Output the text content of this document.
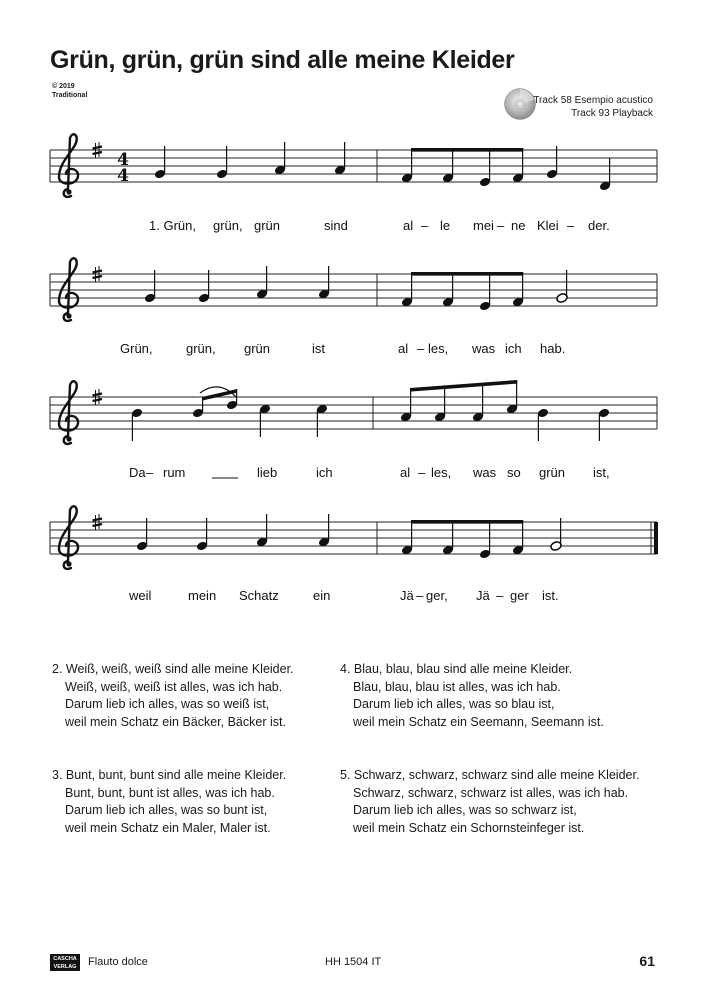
Grün, grün, grün sind alle meine Kleider
© 2019
Traditional	Track 58 Esempio acustico
Track 93 Playback
4
4
1. Grün, grün, grün	sind	al – le mei – ne Klei – der.
Grün,	grün, grün	ist	al – les, was ich hab.
Da – rum	lieb	ich	al – les, was so grün ist,
weil	mein Schatz	ein	Jä – ger, Jä – ger ist.
2. Weiß, weiß, weiß sind alle meine Kleider.
Weiß, weiß, weiß ist alles, was ich hab.
Darum lieb ich alles, was so weiß ist,
weil mein Schatz ein Bäcker, Bäcker ist.
4. Blau, blau, blau sind alle meine Kleider.
Blau, blau, blau ist alles, was ich hab.
Darum lieb ich alles, was so blau ist,
weil mein Schatz ein Seemann, Seemann ist.
3. Bunt, bunt, bunt sind alle meine Kleider.
Bunt, bunt, bunt ist alles, was ich hab.
Darum lieb ich alles, was so bunt ist,
weil mein Schatz ein Maler, Maler ist.
5. Schwarz, schwarz, schwarz sind alle meine Kleider.
Schwarz, schwarz, schwarz ist alles, was ich hab.
Darum lieb ich alles, was so schwarz ist,
weil mein Schatz ein Schornsteinfeger ist.
CASCHA
VERLAG	Flauto dolce	HH 1504 IT	61
